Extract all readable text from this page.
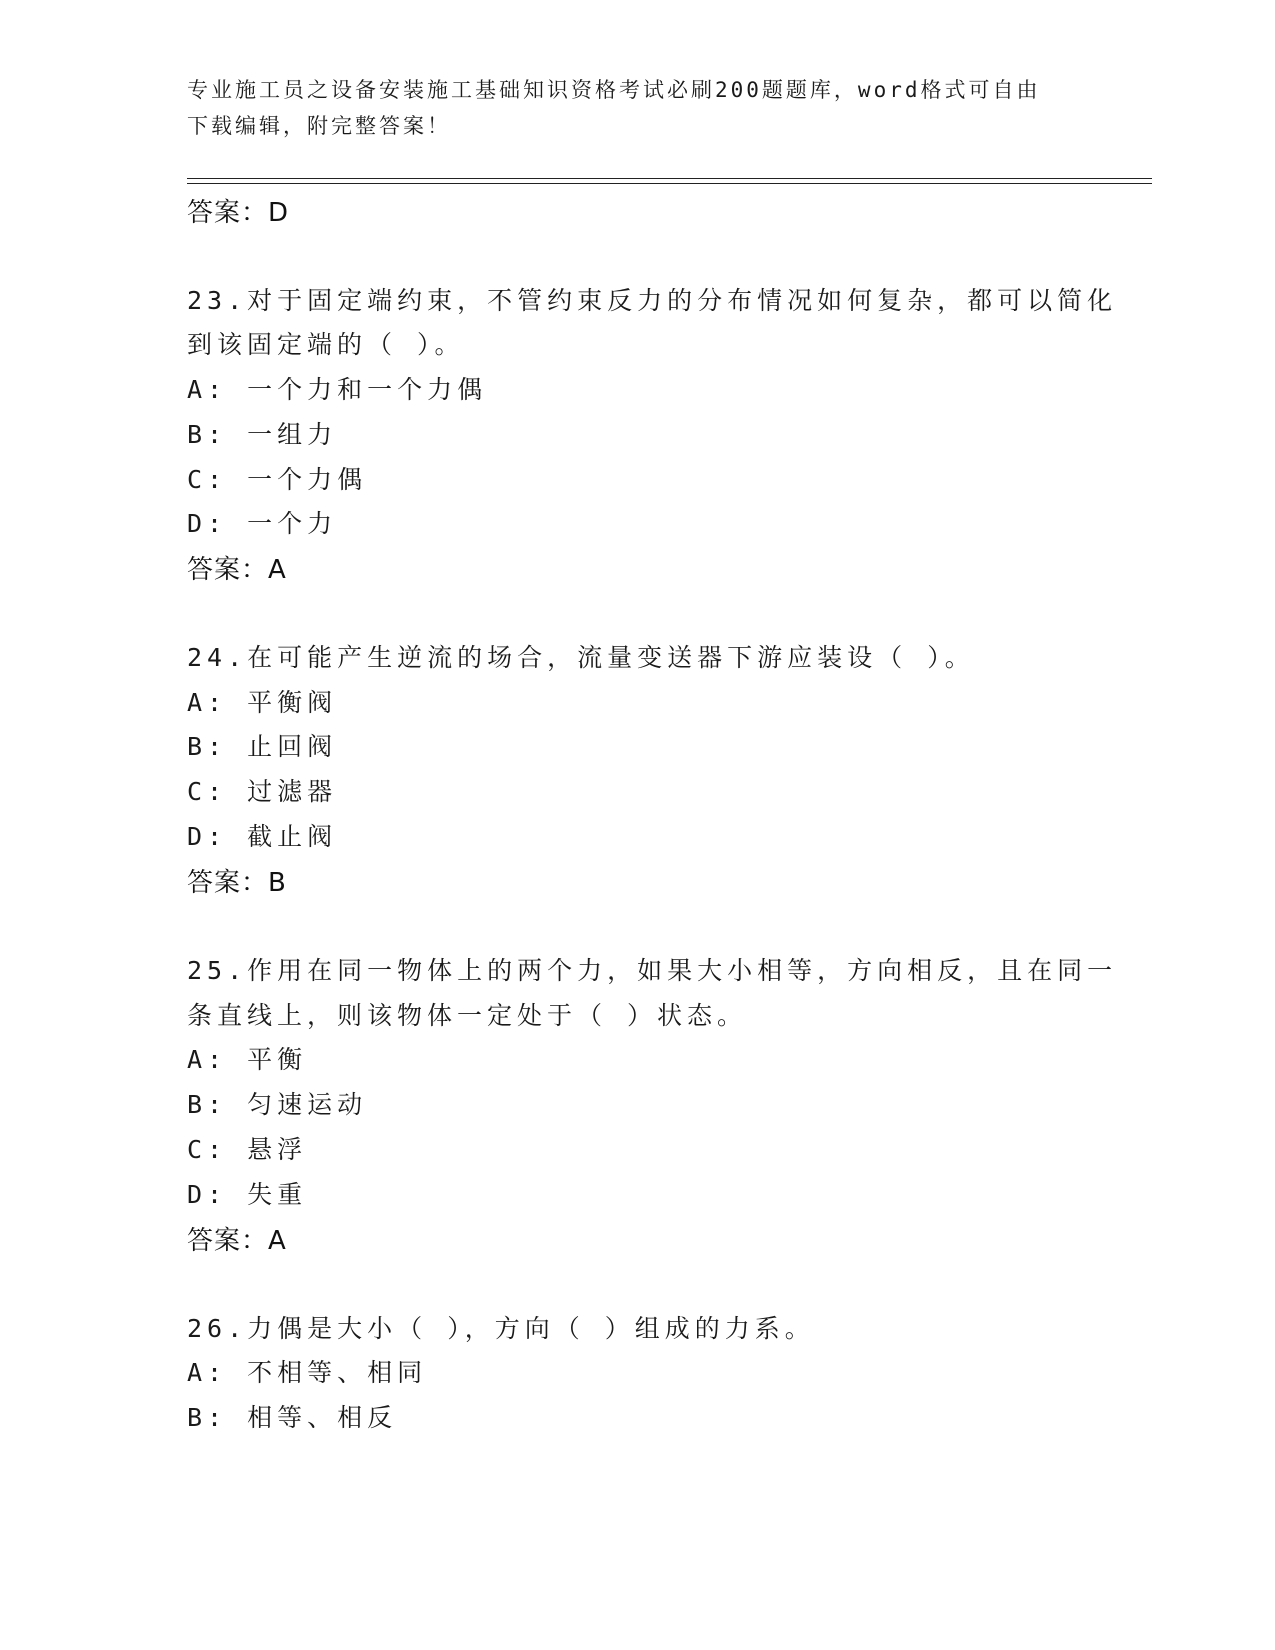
专业施工员之设备安装施工基础知识资格考试必刷200题题库，word格式可自由
下载编辑，附完整答案！
答案：D
23.对于固定端约束，不管约束反力的分布情况如何复杂，都可以简化
到该固定端的（ ）。
A: 一个力和一个力偶
B: 一组力
C: 一个力偶
D: 一个力
答案：A
24.在可能产生逆流的场合，流量变送器下游应装设（ ）。
A: 平衡阀
B: 止回阀
C: 过滤器
D: 截止阀
答案：B
25.作用在同一物体上的两个力，如果大小相等，方向相反，且在同一
条直线上，则该物体一定处于（ ）状态。
A: 平衡
B: 匀速运动
C: 悬浮
D: 失重
答案：A
26.力偶是大小（ ），方向（ ）组成的力系。
A: 不相等、相同
B: 相等、相反
